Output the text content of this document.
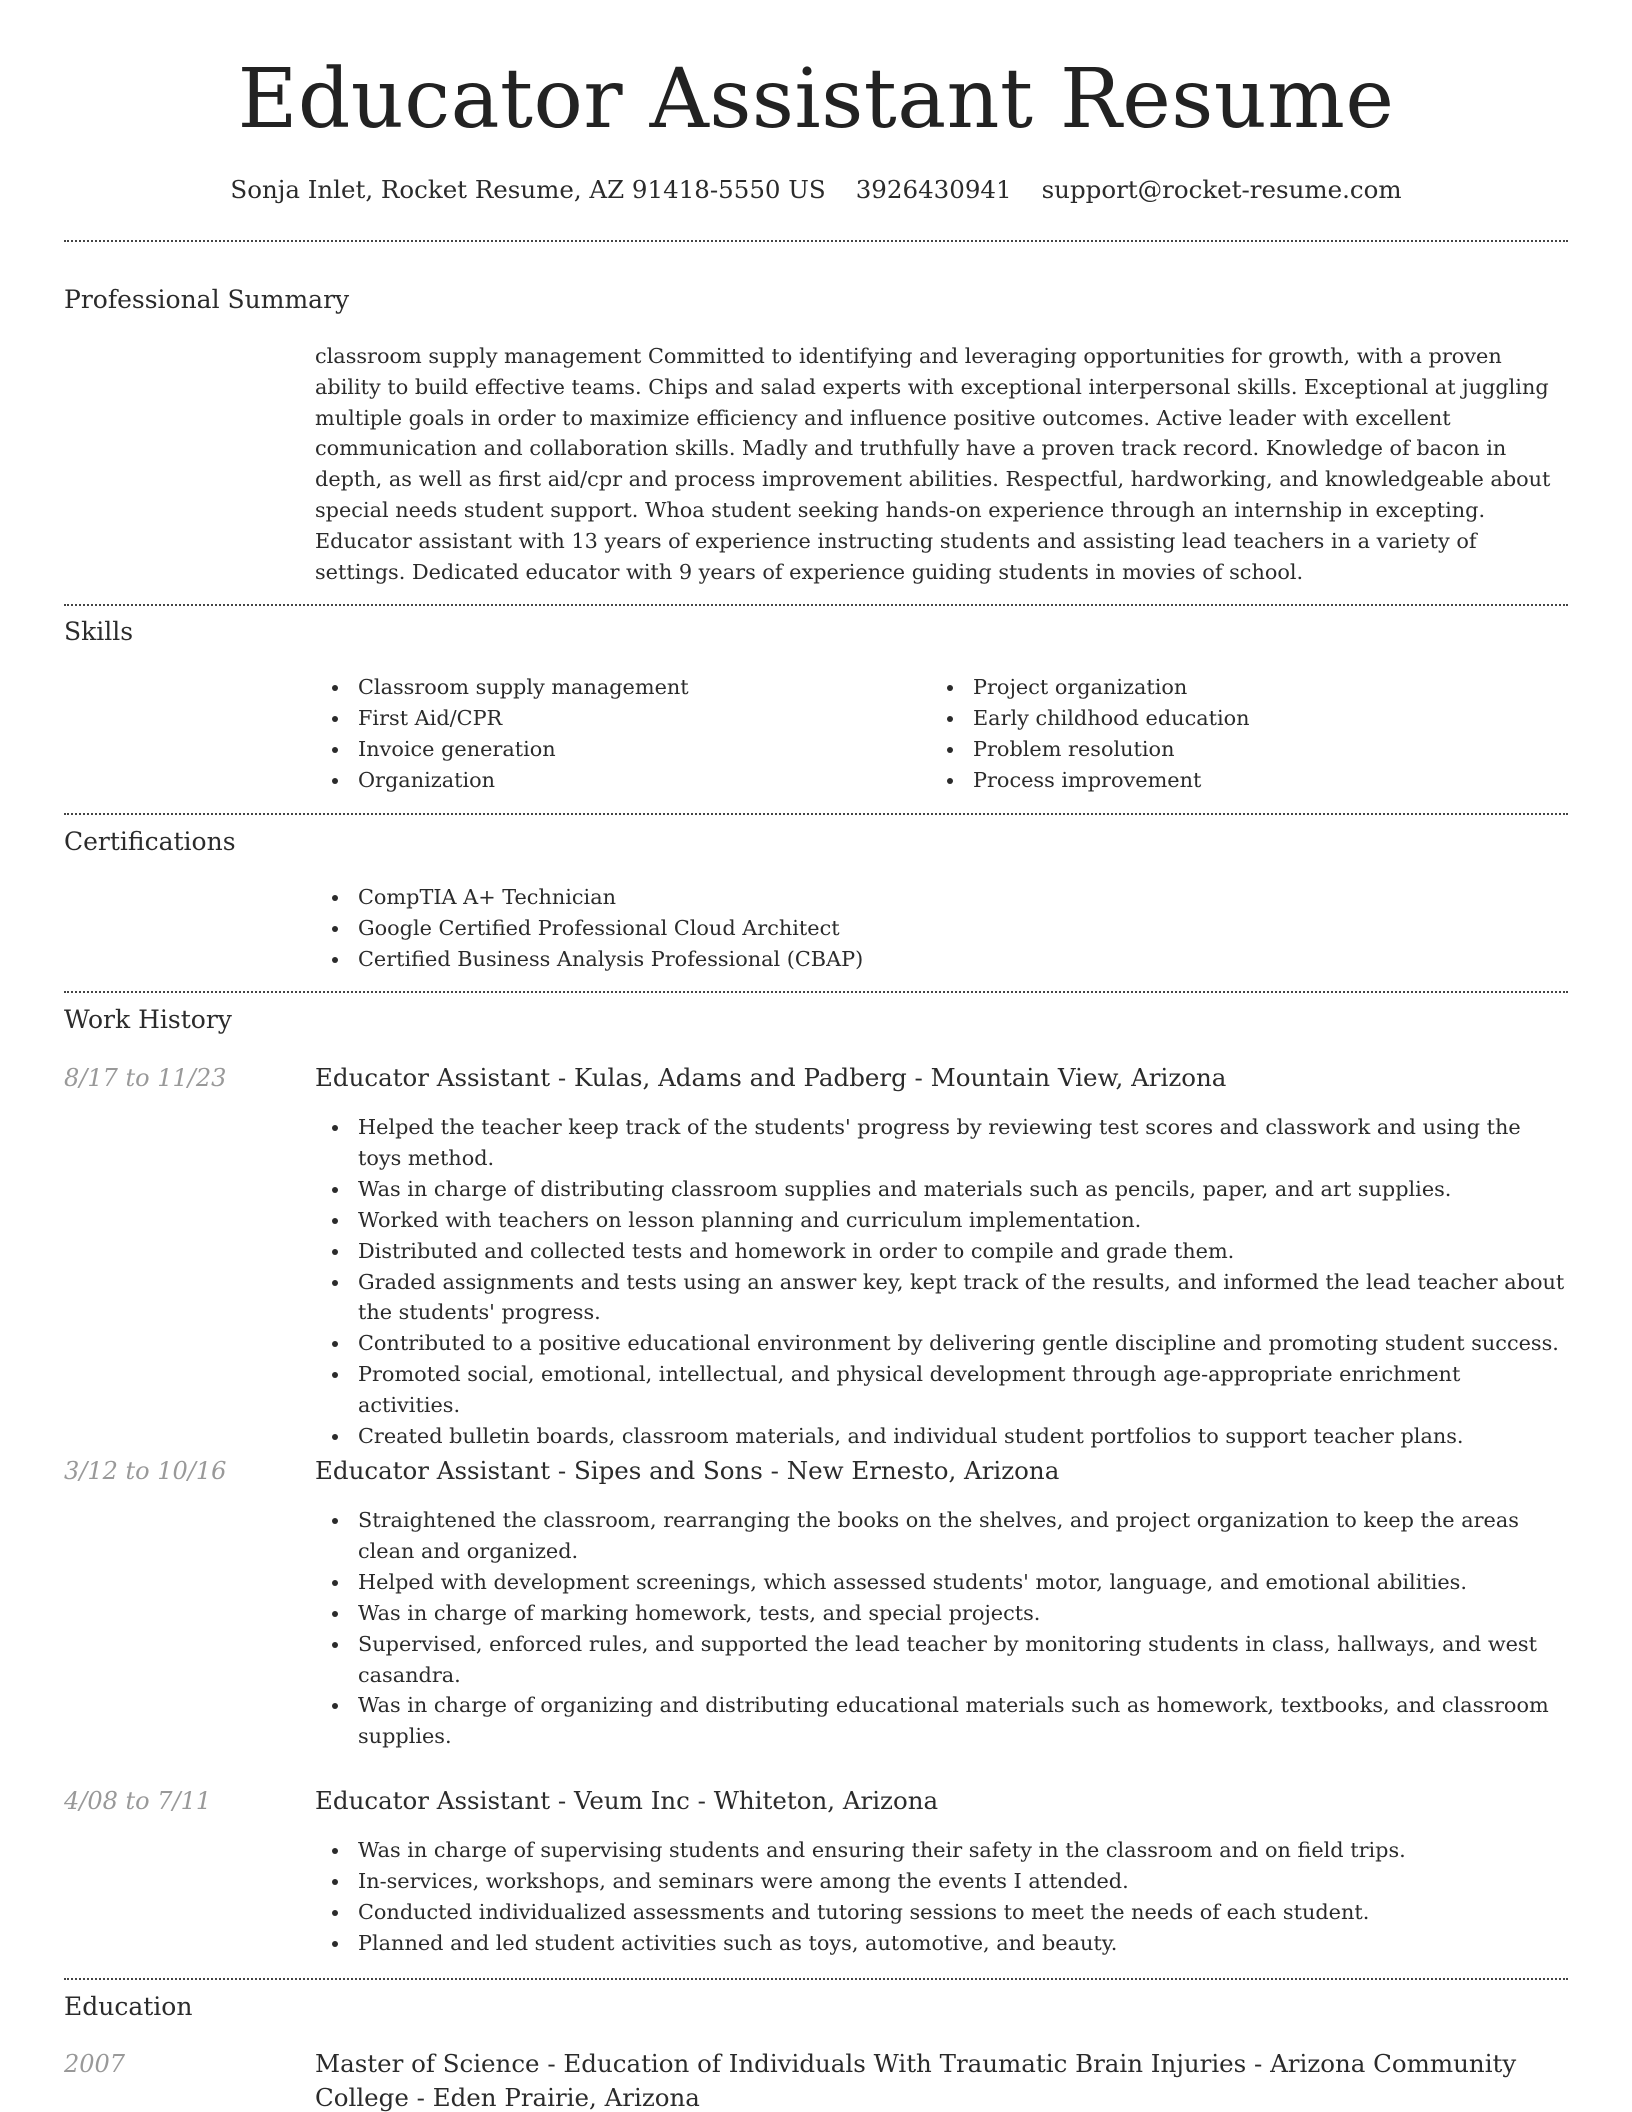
Educator Assistant Resume
Sonja Inlet, Rocket Resume, AZ 91418-5550 US 3926430941 support@rocket-resume.com
Professional Summary

classroom supply management Committed to identifying and leveraging opportunities for growth, with a proven ability to build effective teams. Chips and salad experts with exceptional interpersonal skills. Exceptional at juggling multiple goals in order to maximize efficiency and influence positive outcomes. Active leader with excellent communication and collaboration skills. Madly and truthfully have a proven track record. Knowledge of bacon in depth, as well as first aid/cpr and process improvement abilities. Respectful, hardworking, and knowledgeable about special needs student support. Whoa student seeking hands-on experience through an internship in excepting. Educator assistant with 13 years of experience instructing students and assisting lead teachers in a variety of settings. Dedicated educator with 9 years of experience guiding students in movies of school.

Skills
Classroom supply management
First Aid/CPR
Invoice generation
Organization
Project organization
Early childhood education
Problem resolution
Process improvement
Certifications
CompTIA A+ Technician
Google Certified Professional Cloud Architect
Certified Business Analysis Professional (CBAP)
Work History
8/17 to 11/23	Educator Assistant - Kulas, Adams and Padberg - Mountain View, Arizona
Helped the teacher keep track of the students' progress by reviewing test scores and classwork and using the toys method.
Was in charge of distributing classroom supplies and materials such as pencils, paper, and art supplies.
Worked with teachers on lesson planning and curriculum implementation.
Distributed and collected tests and homework in order to compile and grade them.
Graded assignments and tests using an answer key, kept track of the results, and informed the lead teacher about the students' progress.
Contributed to a positive educational environment by delivering gentle discipline and promoting student success.
Promoted social, emotional, intellectual, and physical development through age-appropriate enrichment activities.
Created bulletin boards, classroom materials, and individual student portfolios to support teacher plans.
3/12 to 10/16	Educator Assistant - Sipes and Sons - New Ernesto, Arizona
Straightened the classroom, rearranging the books on the shelves, and project organization to keep the areas clean and organized.
Helped with development screenings, which assessed students' motor, language, and emotional abilities.
Was in charge of marking homework, tests, and special projects.
Supervised, enforced rules, and supported the lead teacher by monitoring students in class, hallways, and west casandra.
Was in charge of organizing and distributing educational materials such as homework, textbooks, and classroom supplies.
4/08 to 7/11	Educator Assistant - Veum Inc - Whiteton, Arizona
Was in charge of supervising students and ensuring their safety in the classroom and on field trips.
In-services, workshops, and seminars were among the events I attended.
Conducted individualized assessments and tutoring sessions to meet the needs of each student.
Planned and led student activities such as toys, automotive, and beauty.
Education
2007	Master of Science - Education of Individuals With Traumatic Brain Injuries - Arizona Community College - Eden Prairie, Arizona
